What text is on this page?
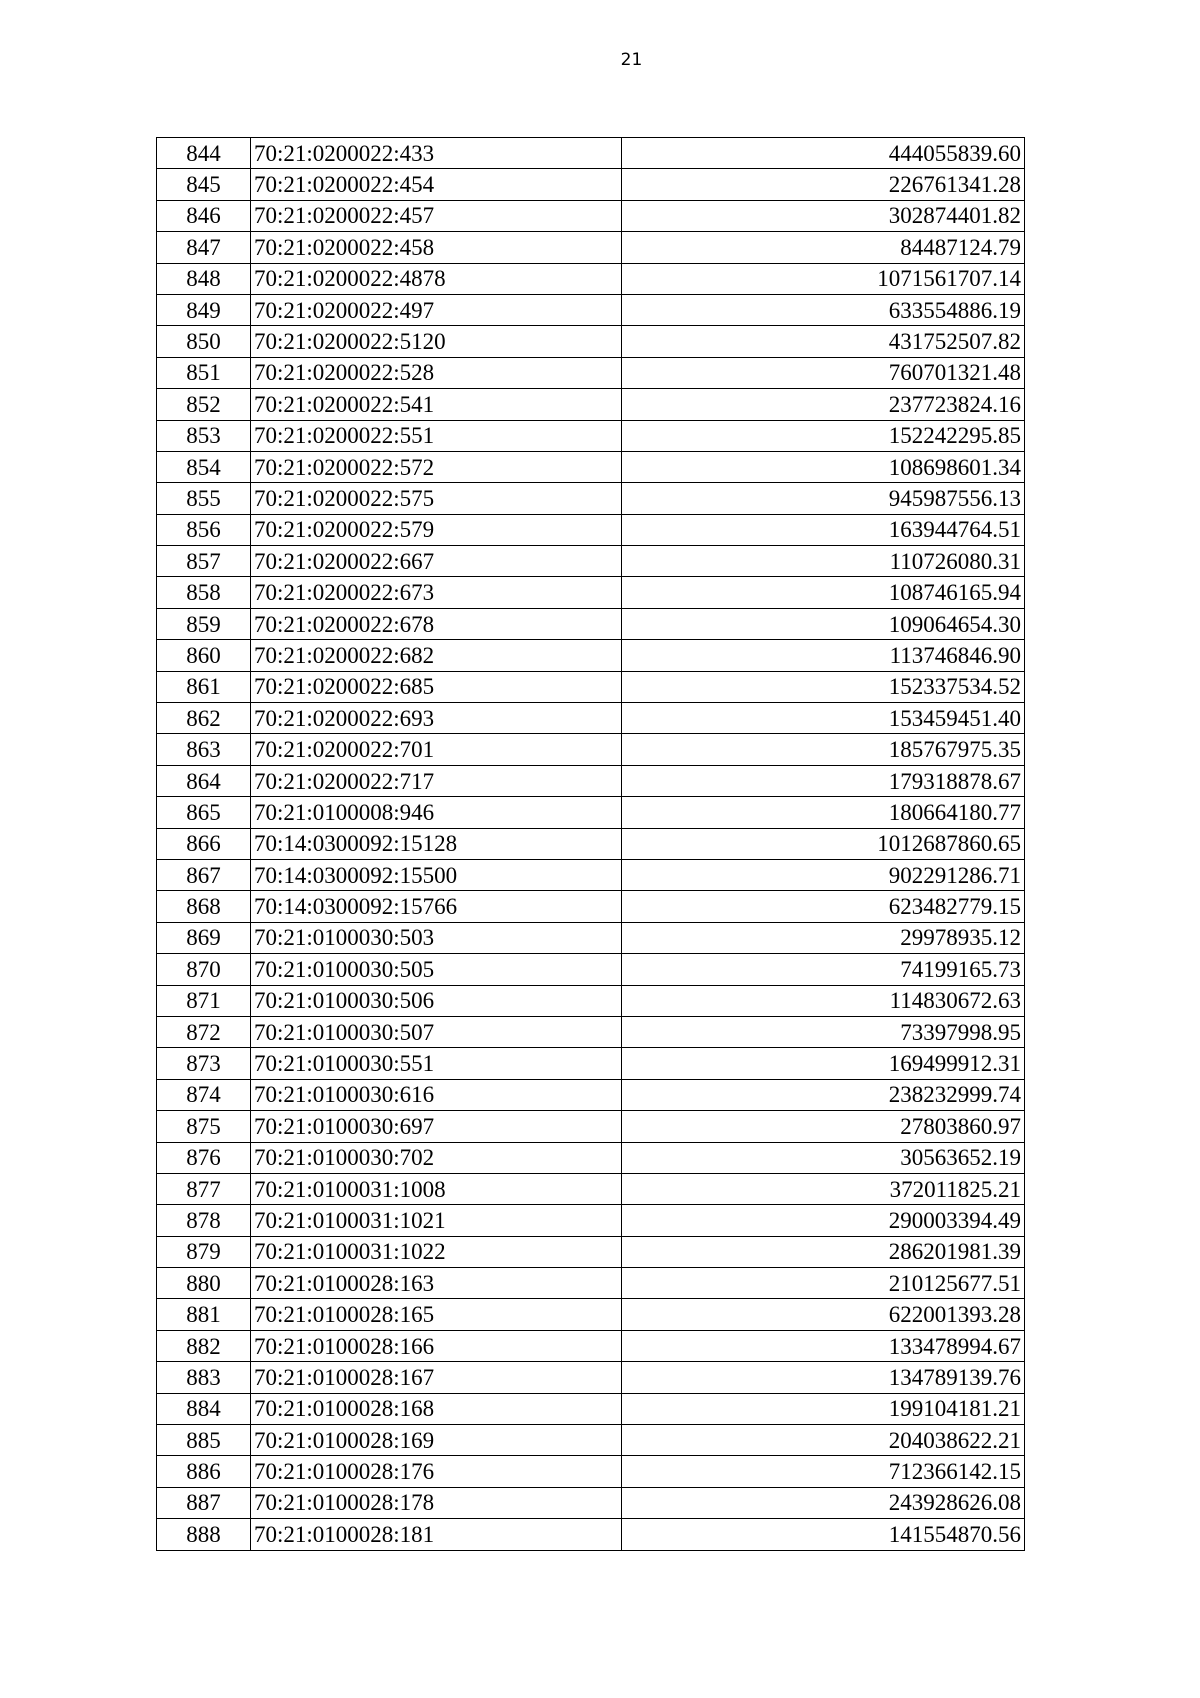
21
844	70:21:0200022:433	444055839.60
845	70:21:0200022:454	226761341.28
846	70:21:0200022:457	302874401.82
847	70:21:0200022:458	84487124.79
848	70:21:0200022:4878	1071561707.14
849	70:21:0200022:497	633554886.19
850	70:21:0200022:5120	431752507.82
851	70:21:0200022:528	760701321.48
852	70:21:0200022:541	237723824.16
853	70:21:0200022:551	152242295.85
854	70:21:0200022:572	108698601.34
855	70:21:0200022:575	945987556.13
856	70:21:0200022:579	163944764.51
857	70:21:0200022:667	110726080.31
858	70:21:0200022:673	108746165.94
859	70:21:0200022:678	109064654.30
860	70:21:0200022:682	113746846.90
861	70:21:0200022:685	152337534.52
862	70:21:0200022:693	153459451.40
863	70:21:0200022:701	185767975.35
864	70:21:0200022:717	179318878.67
865	70:21:0100008:946	180664180.77
866	70:14:0300092:15128	1012687860.65
867	70:14:0300092:15500	902291286.71
868	70:14:0300092:15766	623482779.15
869	70:21:0100030:503	29978935.12
870	70:21:0100030:505	74199165.73
871	70:21:0100030:506	114830672.63
872	70:21:0100030:507	73397998.95
873	70:21:0100030:551	169499912.31
874	70:21:0100030:616	238232999.74
875	70:21:0100030:697	27803860.97
876	70:21:0100030:702	30563652.19
877	70:21:0100031:1008	372011825.21
878	70:21:0100031:1021	290003394.49
879	70:21:0100031:1022	286201981.39
880	70:21:0100028:163	210125677.51
881	70:21:0100028:165	622001393.28
882	70:21:0100028:166	133478994.67
883	70:21:0100028:167	134789139.76
884	70:21:0100028:168	199104181.21
885	70:21:0100028:169	204038622.21
886	70:21:0100028:176	712366142.15
887	70:21:0100028:178	243928626.08
888	70:21:0100028:181	141554870.56
